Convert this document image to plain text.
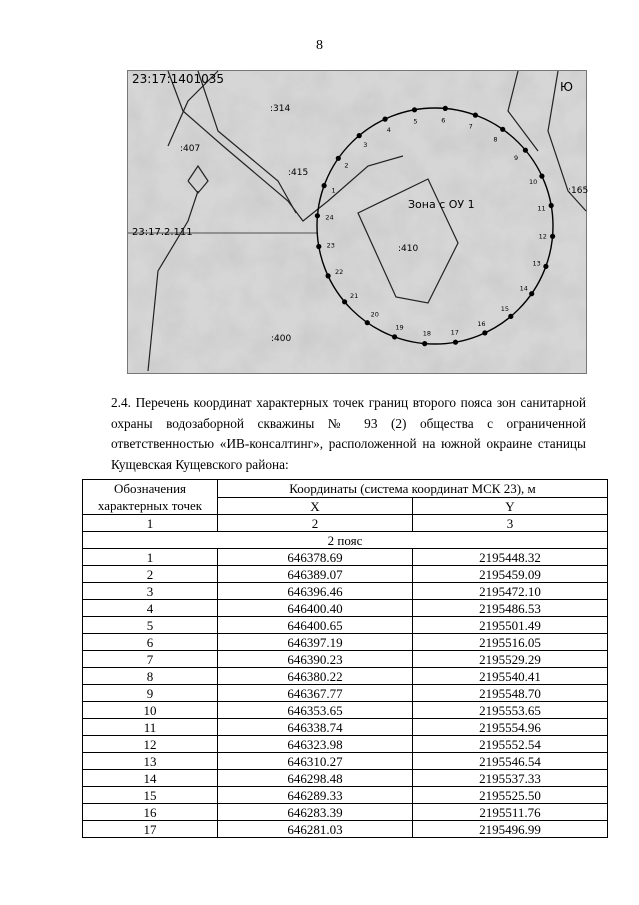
8
1
2
3
4
5	6
7
8
9
10
11
12
13
14
15
16
17
18
19
20
21
22
23
24
23:17:1401035
:314
:407
:415
:410
:400
:165
23:17.2.111
Зона с ОУ 1
Ю
2.4. Перечень координат характерных точек границ второго пояса зон санитарной охраны водозаборной скважины № 93 (2) общества с ограниченной ответственностью «ИВ-консалтинг», расположенной на южной окраине станицы Кущевская Кущевского района:
Обозначения характерных точек	Координаты (система координат МСК 23), м	
	X	Y
1	2	3
2 пояс		
1	646378.69	2195448.32
2	646389.07	2195459.09
3	646396.46	2195472.10
4	646400.40	2195486.53
5	646400.65	2195501.49
6	646397.19	2195516.05
7	646390.23	2195529.29
8	646380.22	2195540.41
9	646367.77	2195548.70
10	646353.65	2195553.65
11	646338.74	2195554.96
12	646323.98	2195552.54
13	646310.27	2195546.54
14	646298.48	2195537.33
15	646289.33	2195525.50
16	646283.39	2195511.76
17	646281.03	2195496.99
